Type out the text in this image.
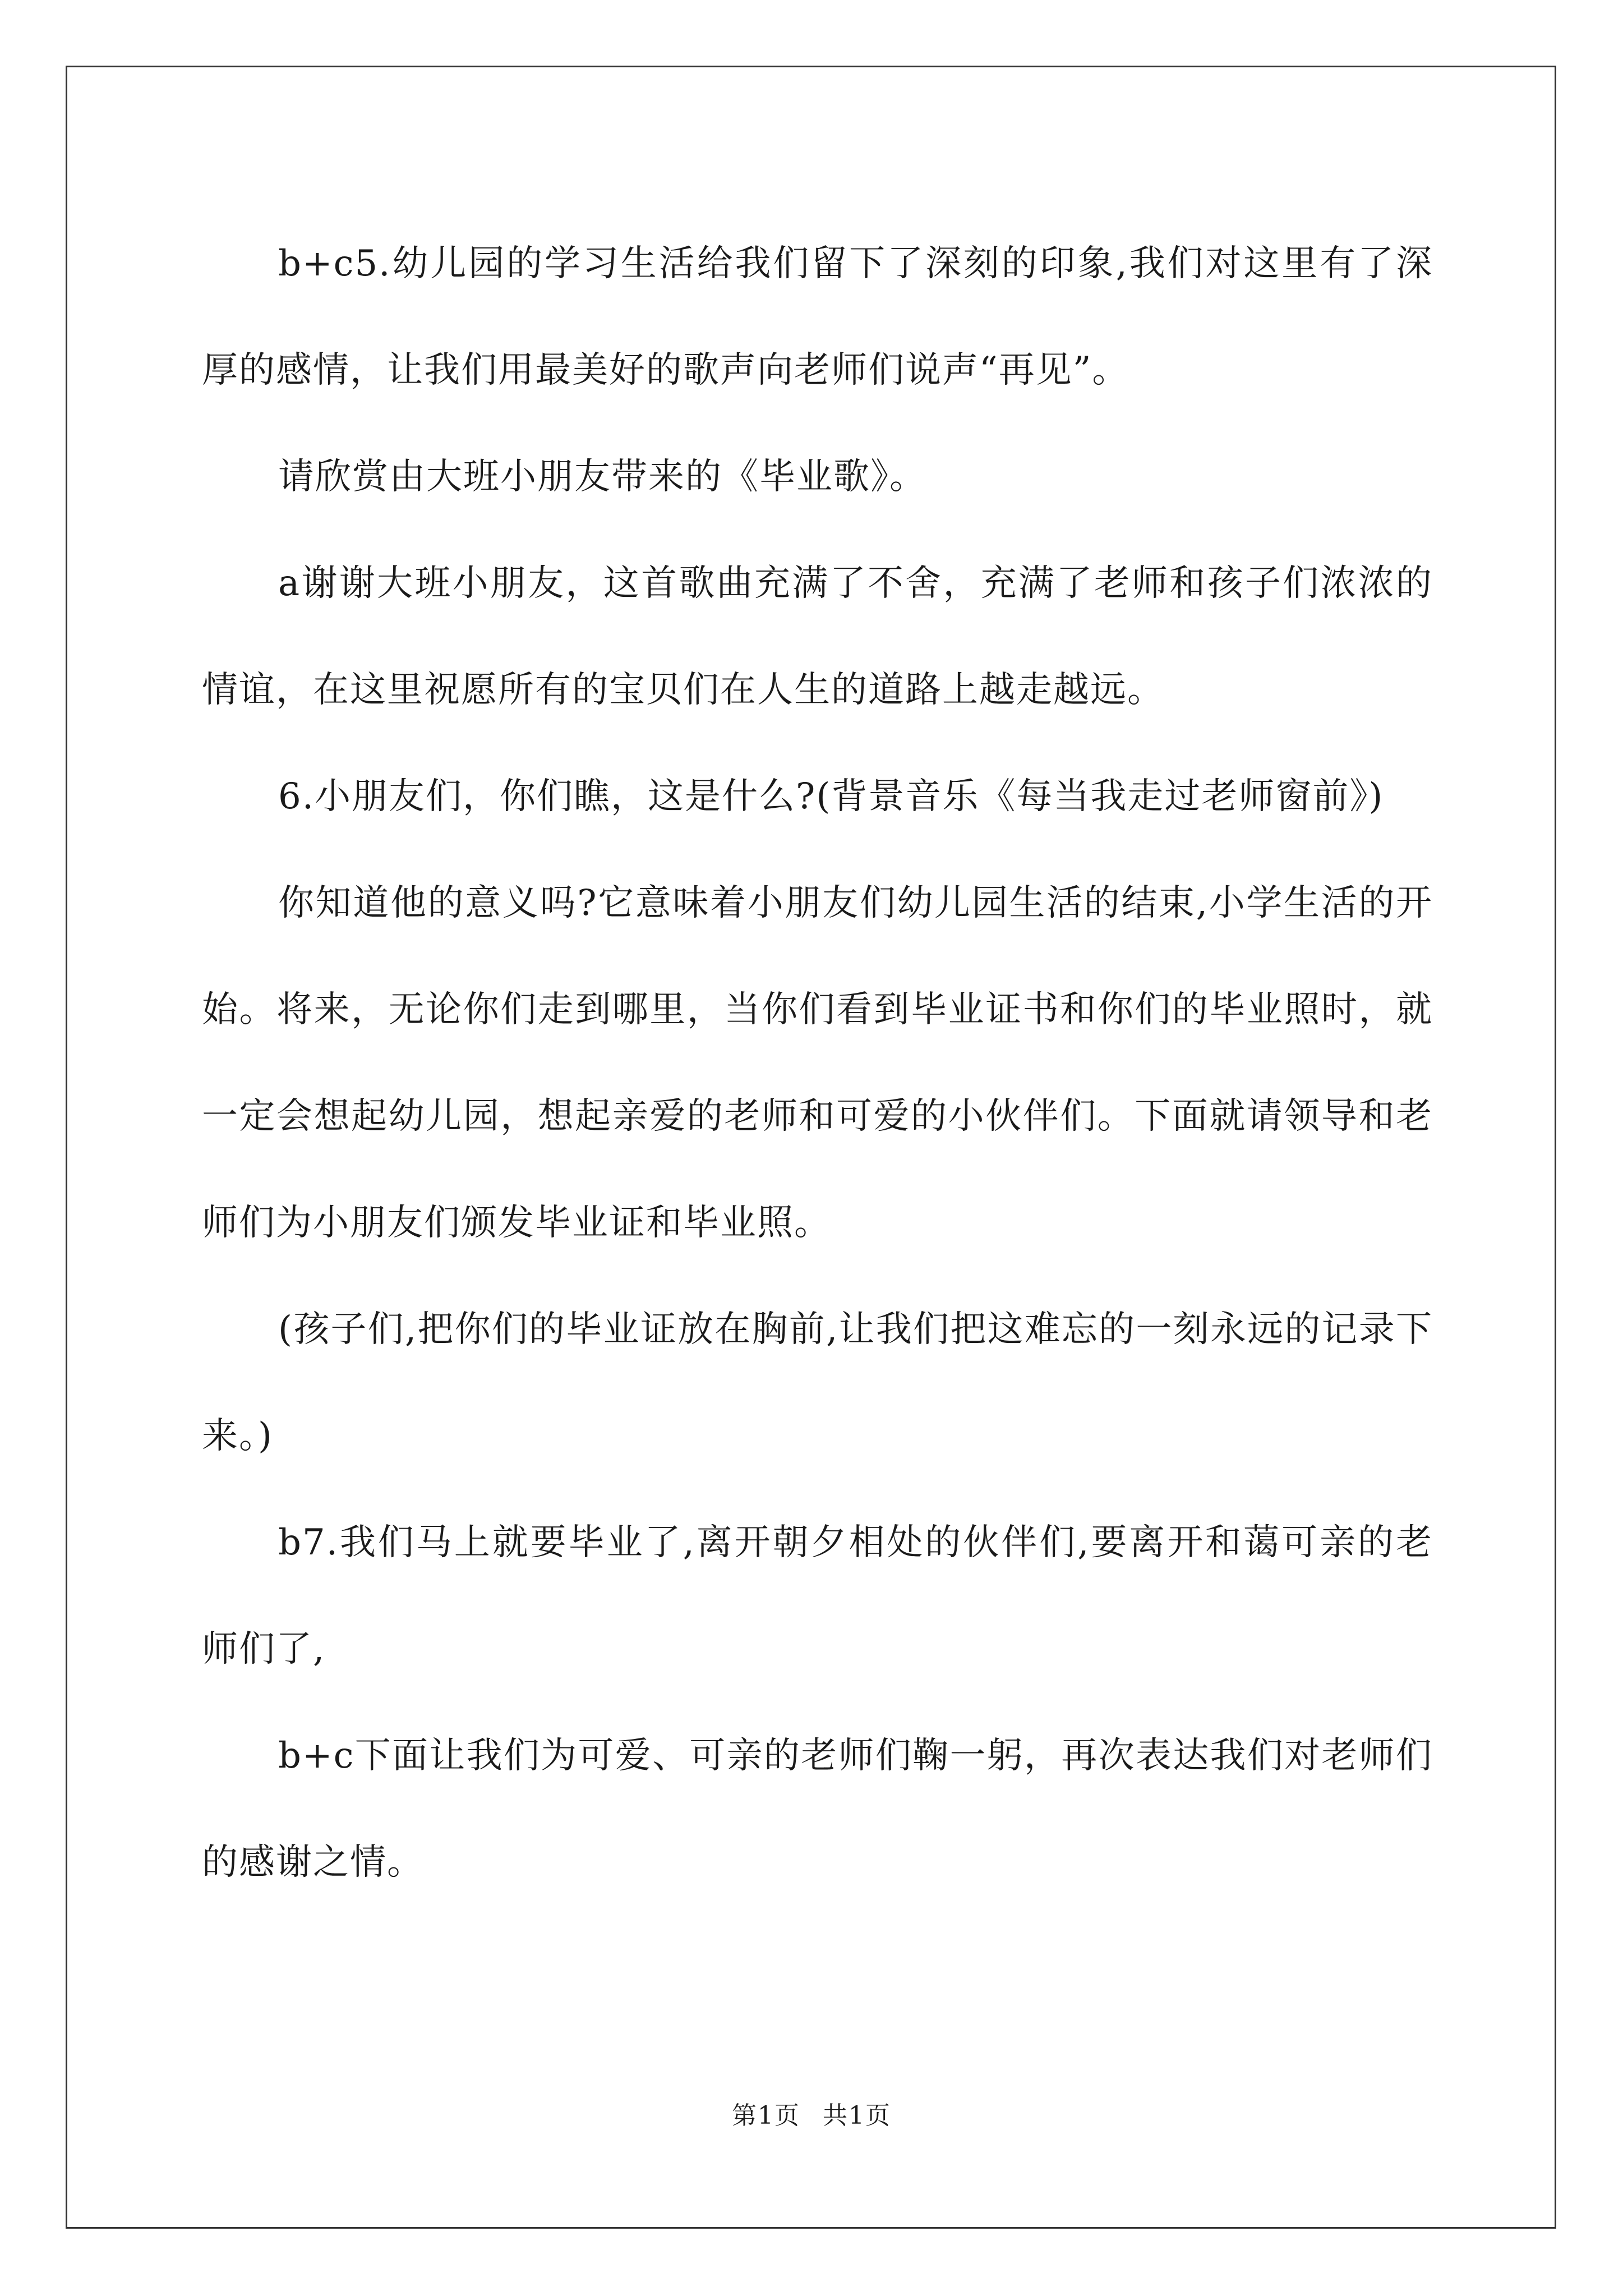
b+c5.幼儿园的学习生活给我们留下了深刻的印象,我们对这里有了深厚的感情，让我们用最美好的歌声向老师们说声“再见”。

请欣赏由大班小朋友带来的《毕业歌》。

a谢谢大班小朋友，这首歌曲充满了不舍，充满了老师和孩子们浓浓的情谊，在这里祝愿所有的宝贝们在人生的道路上越走越远。

6.小朋友们，你们瞧，这是什么?(背景音乐《每当我走过老师窗前》)

你知道他的意义吗?它意味着小朋友们幼儿园生活的结束,小学生活的开始。将来，无论你们走到哪里，当你们看到毕业证书和你们的毕业照时，就一定会想起幼儿园，想起亲爱的老师和可爱的小伙伴们。下面就请领导和老师们为小朋友们颁发毕业证和毕业照。

(孩子们,把你们的毕业证放在胸前,让我们把这难忘的一刻永远的记录下来。)

b7.我们马上就要毕业了,离开朝夕相处的伙伴们,要离开和蔼可亲的老师们了,

b+c下面让我们为可爱、可亲的老师们鞠一躬，再次表达我们对老师们的感谢之情。

第1页 共1页
